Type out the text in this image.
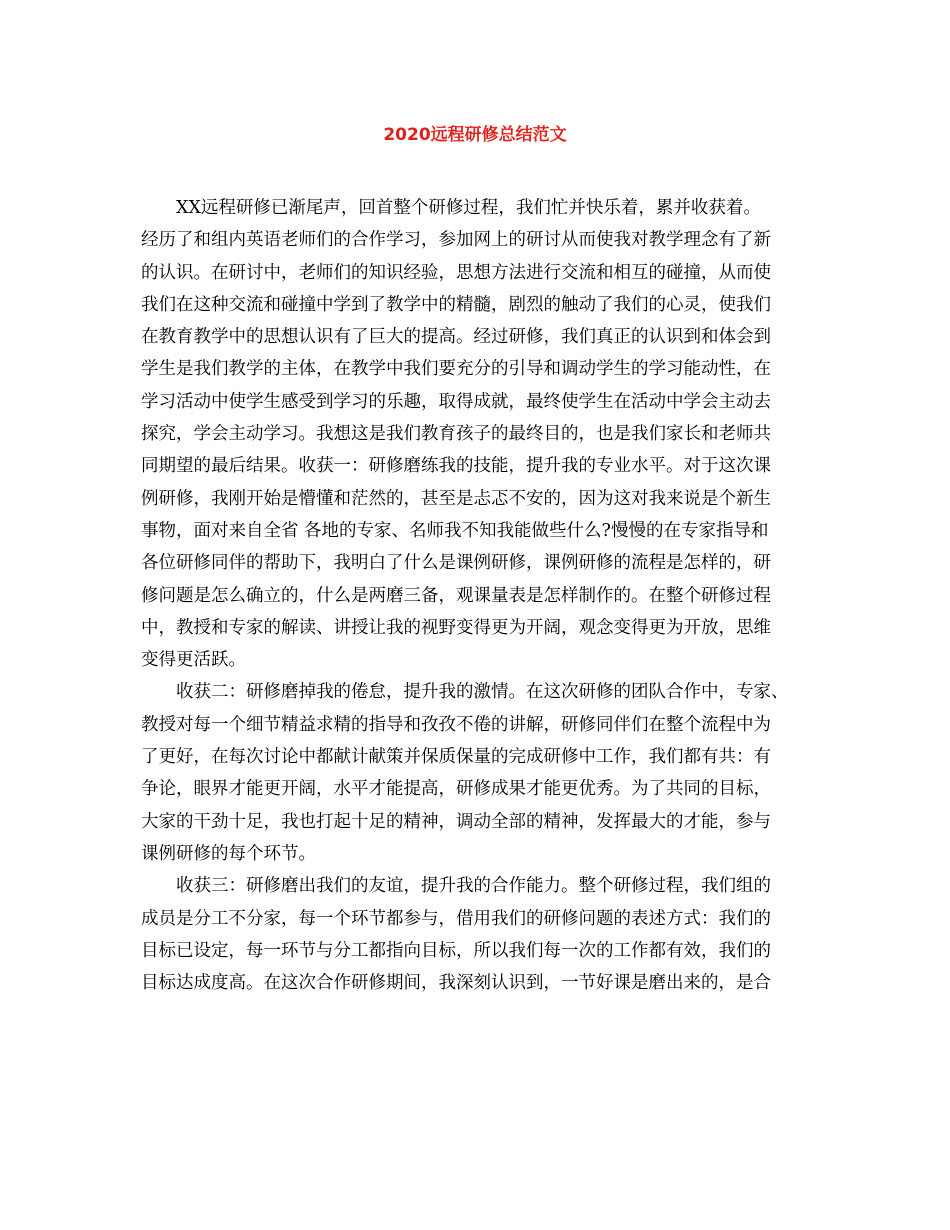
2020远程研修总结范文
XX远程研修已渐尾声，回首整个研修过程，我们忙并快乐着，累并收获着。
经历了和组内英语老师们的合作学习，参加网上的研讨从而使我对教学理念有了新
的认识。在研讨中，老师们的知识经验，思想方法进行交流和相互的碰撞，从而使
我们在这种交流和碰撞中学到了教学中的精髓，剧烈的触动了我们的心灵，使我们
在教育教学中的思想认识有了巨大的提高。经过研修，我们真正的认识到和体会到
学生是我们教学的主体，在教学中我们要充分的引导和调动学生的学习能动性，在
学习活动中使学生感受到学习的乐趣，取得成就，最终使学生在活动中学会主动去
探究，学会主动学习。我想这是我们教育孩子的最终目的，也是我们家长和老师共
同期望的最后结果。收获一：研修磨练我的技能，提升我的专业水平。对于这次课
例研修，我刚开始是懵懂和茫然的，甚至是忐忑不安的，因为这对我来说是个新生
事物，面对来自全省 各地的专家、名师我不知我能做些什么?慢慢的在专家指导和
各位研修同伴的帮助下，我明白了什么是课例研修，课例研修的流程是怎样的，研
修问题是怎么确立的，什么是两磨三备，观课量表是怎样制作的。在整个研修过程
中，教授和专家的解读、讲授让我的视野变得更为开阔，观念变得更为开放，思维
变得更活跃。
收获二：研修磨掉我的倦怠，提升我的激情。在这次研修的团队合作中，专家、
教授对每一个细节精益求精的指导和孜孜不倦的讲解，研修同伴们在整个流程中为
了更好，在每次讨论中都献计献策并保质保量的完成研修中工作，我们都有共：有
争论，眼界才能更开阔，水平才能提高，研修成果才能更优秀。为了共同的目标，
大家的干劲十足，我也打起十足的精神，调动全部的精神，发挥最大的才能，参与
课例研修的每个环节。
收获三：研修磨出我们的友谊，提升我的合作能力。整个研修过程，我们组的
成员是分工不分家，每一个环节都参与，借用我们的研修问题的表述方式：我们的
目标已设定，每一环节与分工都指向目标，所以我们每一次的工作都有效，我们的
目标达成度高。在这次合作研修期间，我深刻认识到，一节好课是磨出来的，是合
